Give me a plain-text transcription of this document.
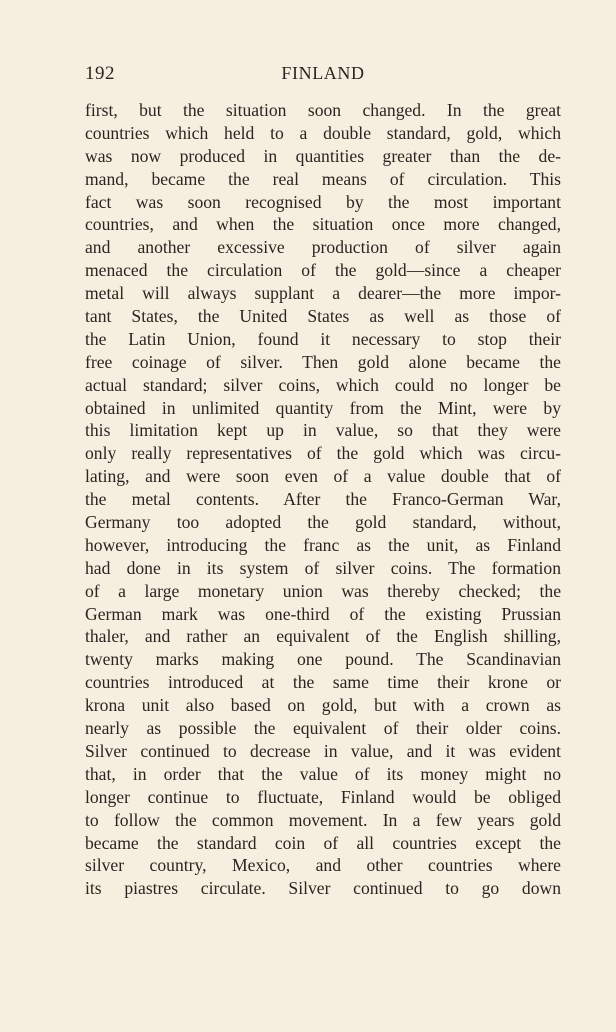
192	FINLAND
first, but the situation soon changed. In the great
countries which held to a double standard, gold, which
was now produced in quantities greater than the de-
mand, became the real means of circulation. This
fact was soon recognised by the most important
countries, and when the situation once more changed,
and another excessive production of silver again
menaced the circulation of the gold—since a cheaper
metal will always supplant a dearer—the more impor-
tant States, the United States as well as those of
the Latin Union, found it necessary to stop their
free coinage of silver. Then gold alone became the
actual standard; silver coins, which could no longer be
obtained in unlimited quantity from the Mint, were by
this limitation kept up in value, so that they were
only really representatives of the gold which was circu-
lating, and were soon even of a value double that of
the metal contents. After the Franco-German War,
Germany too adopted the gold standard, without,
however, introducing the franc as the unit, as Finland
had done in its system of silver coins. The formation
of a large monetary union was thereby checked; the
German mark was one-third of the existing Prussian
thaler, and rather an equivalent of the English shilling,
twenty marks making one pound. The Scandinavian
countries introduced at the same time their krone or
krona unit also based on gold, but with a crown as
nearly as possible the equivalent of their older coins.
Silver continued to decrease in value, and it was evident
that, in order that the value of its money might no
longer continue to fluctuate, Finland would be obliged
to follow the common movement. In a few years gold
became the standard coin of all countries except the
silver country, Mexico, and other countries where
its piastres circulate. Silver continued to go down
